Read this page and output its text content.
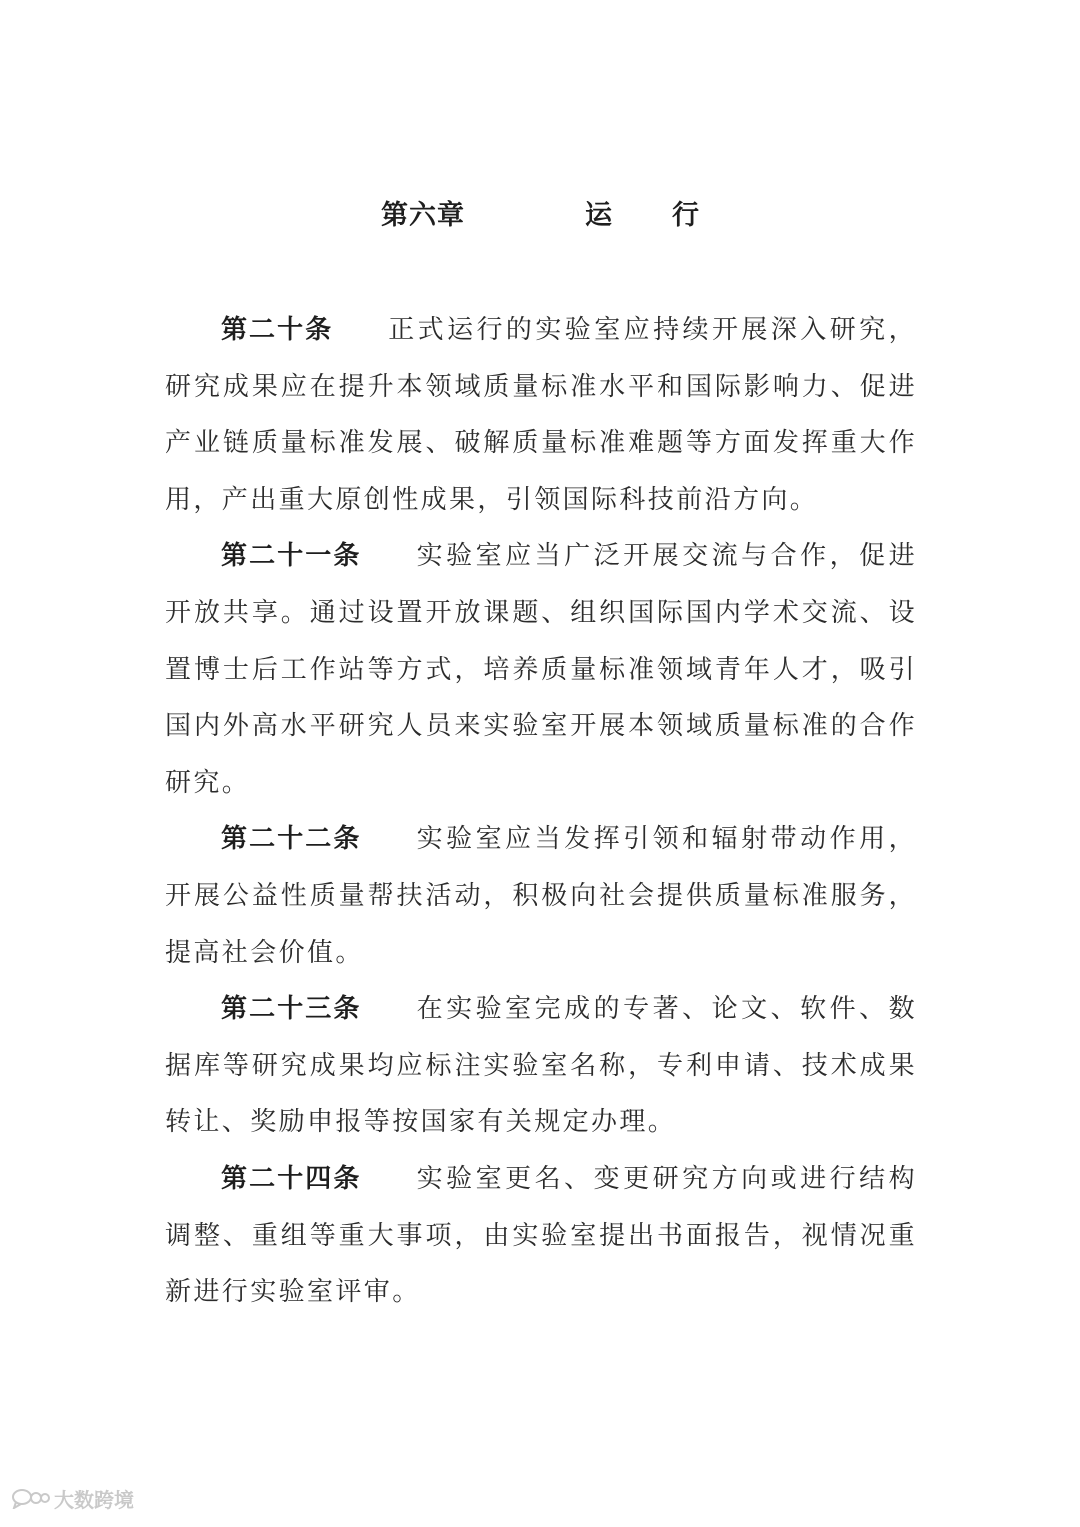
第六章	运 行

第二十条 正式运行的实验室应持续开展深入研究，研究成果应在提升本领域质量标准水平和国际影响力、促进产业链质量标准发展、破解质量标准难题等方面发挥重大作用，产出重大原创性成果，引领国际科技前沿方向。

第二十一条 实验室应当广泛开展交流与合作，促进开放共享。通过设置开放课题、组织国际国内学术交流、设置博士后工作站等方式，培养质量标准领域青年人才，吸引国内外高水平研究人员来实验室开展本领域质量标准的合作研究。

第二十二条 实验室应当发挥引领和辐射带动作用，开展公益性质量帮扶活动，积极向社会提供质量标准服务，提高社会价值。

第二十三条 在实验室完成的专著、论文、软件、数据库等研究成果均应标注实验室名称，专利申请、技术成果转让、奖励申报等按国家有关规定办理。

第二十四条 实验室更名、变更研究方向或进行结构调整、重组等重大事项，由实验室提出书面报告，视情况重新进行实验室评审。

大数跨境
